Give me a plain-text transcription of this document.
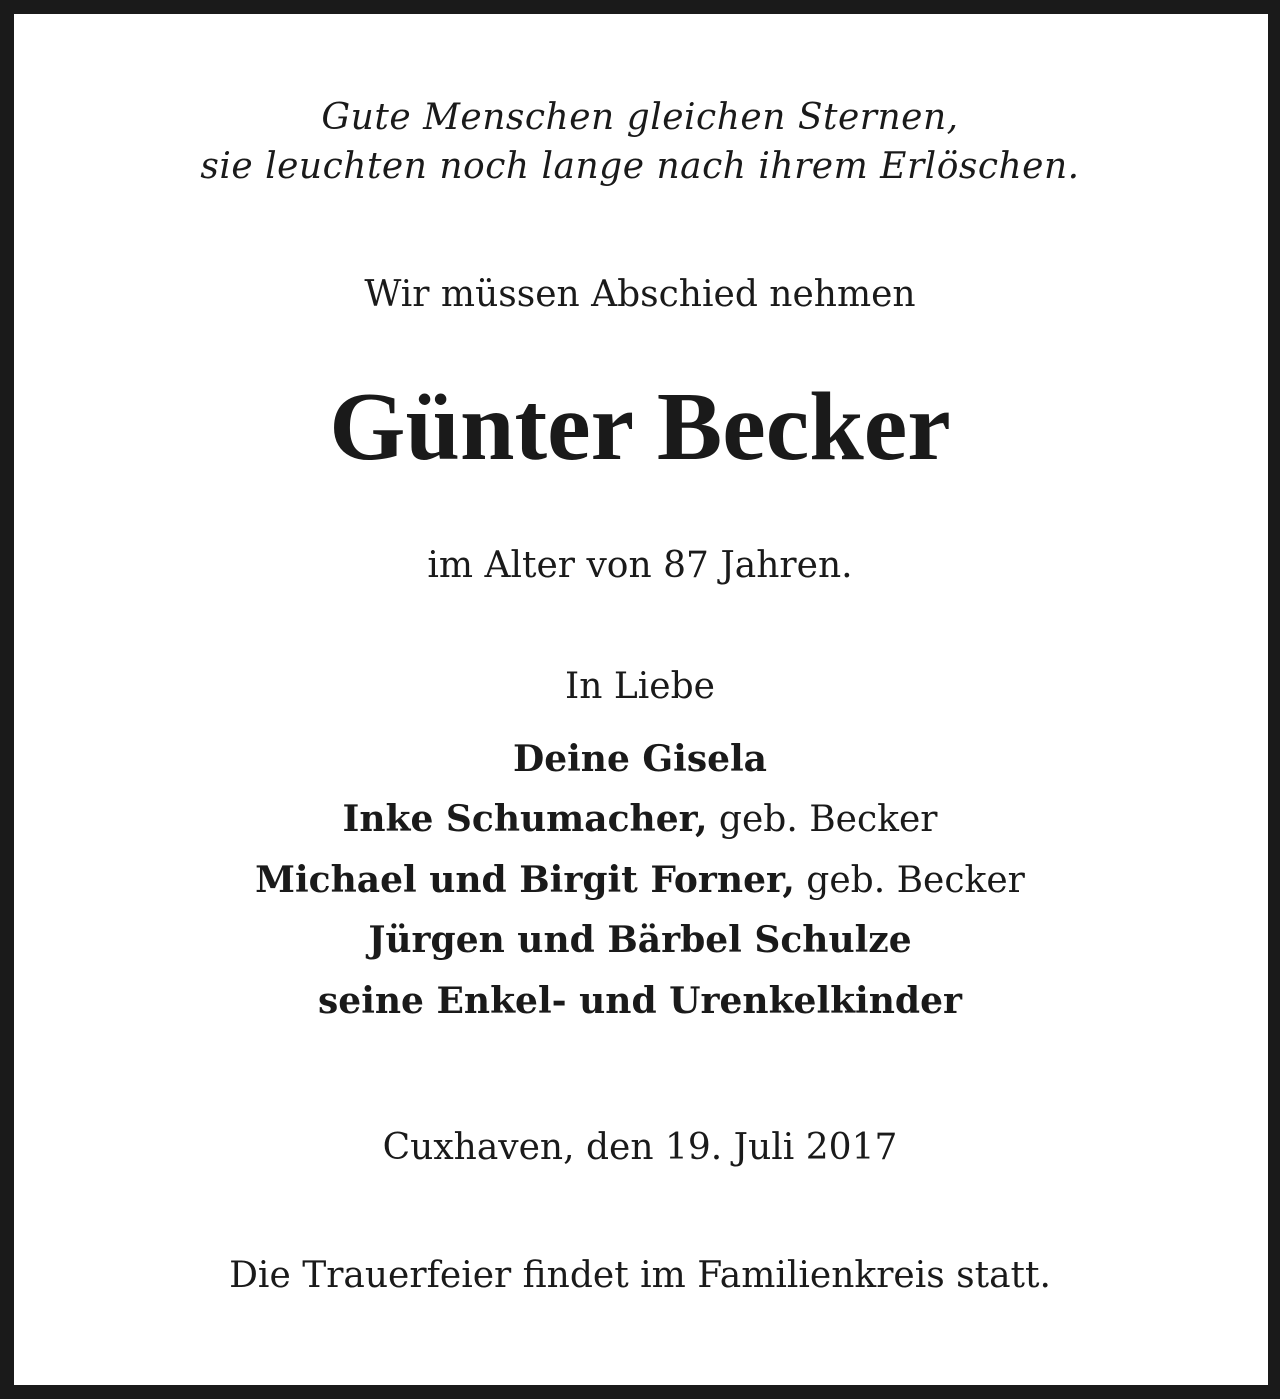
Gute Menschen gleichen Sternen,
sie leuchten noch lange nach ihrem Erlöschen.
Wir müssen Abschied nehmen
Günter Becker
im Alter von 87 Jahren.
In Liebe
Deine Gisela
Inke Schumacher, geb. Becker
Michael und Birgit Forner, geb. Becker
Jürgen und Bärbel Schulze
seine Enkel- und Urenkelkinder
Cuxhaven, den 19. Juli 2017
Die Trauerfeier findet im Familienkreis statt.
